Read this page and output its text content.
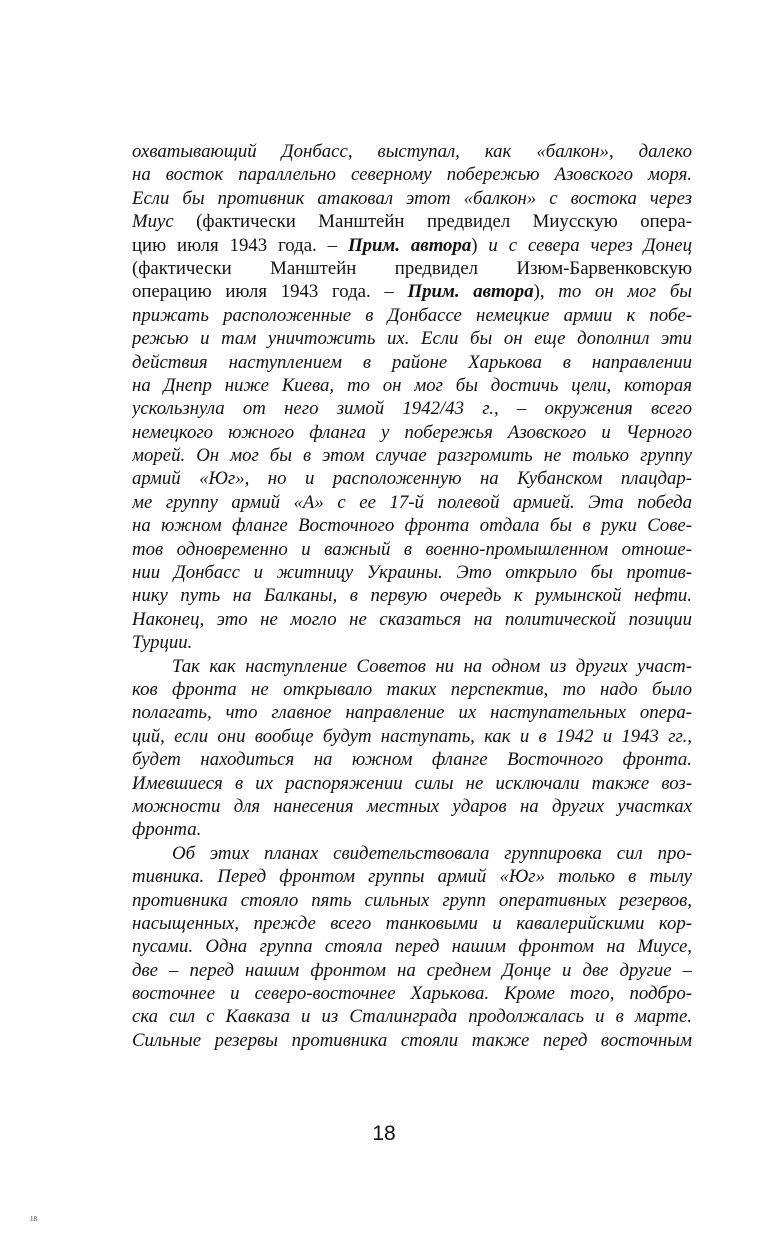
охватывающий Донбасс, выступал, как «балкон», далеко
на восток параллельно северному побережью Азовского моря.
Если бы противник атаковал этот «балкон» с востока через
Миус (фактически Манштейн предвидел Миусскую опера-
цию июля 1943 года. – Прим. автора) и с севера через Донец
(фактически Манштейн предвидел Изюм-Барвенковскую
операцию июля 1943 года. – Прим. автора), то он мог бы
прижать расположенные в Донбассе немецкие армии к побе-
режью и там уничтожить их. Если бы он еще дополнил эти
действия наступлением в районе Харькова в направлении
на Днепр ниже Киева, то он мог бы достичь цели, которая
ускользнула от него зимой 1942/43 г., – окружения всего
немецкого южного фланга у побережья Азовского и Черного
морей. Он мог бы в этом случае разгромить не только группу
армий «Юг», но и расположенную на Кубанском плацдар-
ме группу армий «А» с ее 17-й полевой армией. Эта победа
на южном фланге Восточного фронта отдала бы в руки Сове-
тов одновременно и важный в военно-промышленном отноше-
нии Донбасс и житницу Украины. Это открыло бы против-
нику путь на Балканы, в первую очередь к румынской нефти.
Наконец, это не могло не сказаться на политической позиции
Турции.
Так как наступление Советов ни на одном из других участ-
ков фронта не открывало таких перспектив, то надо было
полагать, что главное направление их наступательных опера-
ций, если они вообще будут наступать, как и в 1942 и 1943 гг.,
будет находиться на южном фланге Восточного фронта.
Имевшиеся в их распоряжении силы не исключали также воз-
можности для нанесения местных ударов на других участках
фронта.
Об этих планах свидетельствовала группировка сил про-
тивника. Перед фронтом группы армий «Юг» только в тылу
противника стояло пять сильных групп оперативных резервов,
насыщенных, прежде всего танковыми и кавалерийскими кор-
пусами. Одна группа стояла перед нашим фронтом на Миусе,
две – перед нашим фронтом на среднем Донце и две другие –
восточнее и северо-восточнее Харькова. Кроме того, подбро-
ска сил с Кавказа и из Сталинграда продолжалась и в марте.
Сильные резервы противника стояли также перед восточным
18
18
